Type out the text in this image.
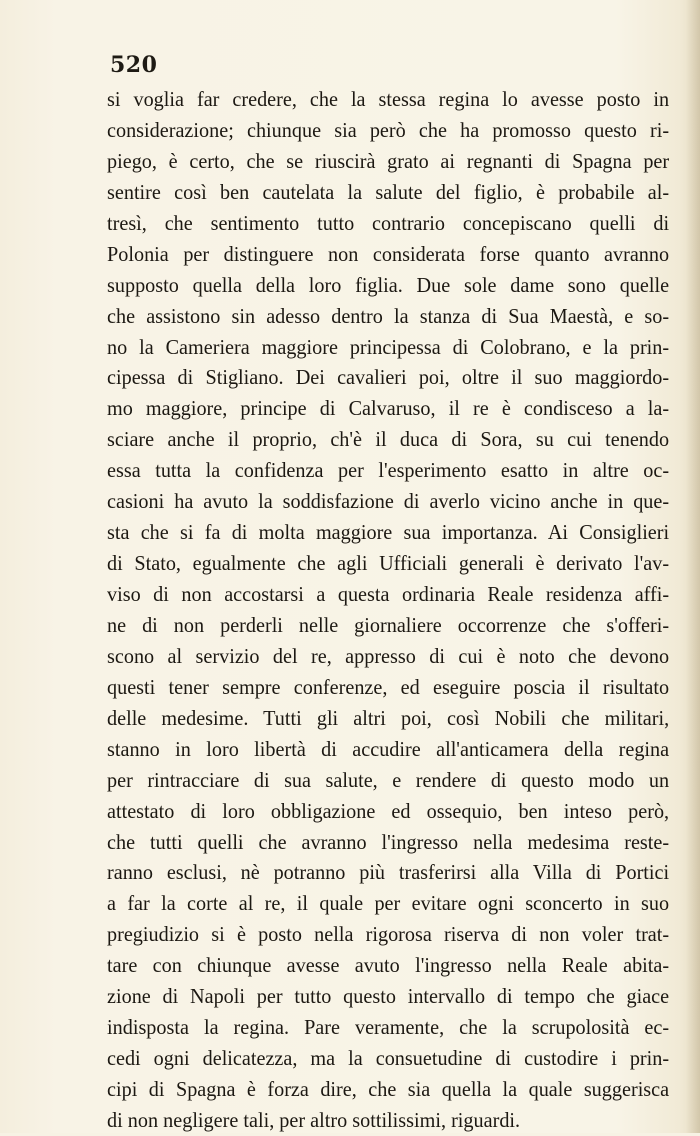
520
si voglia far credere, che la stessa regina lo avesse posto in
considerazione; chiunque sia però che ha promosso questo ri-
piego, è certo, che se riuscirà grato ai regnanti di Spagna per
sentire così ben cautelata la salute del figlio, è probabile al-
tresì, che sentimento tutto contrario concepiscano quelli di
Polonia per distinguere non considerata forse quanto avranno
supposto quella della loro figlia. Due sole dame sono quelle
che assistono sin adesso dentro la stanza di Sua Maestà, e so-
no la Cameriera maggiore principessa di Colobrano, e la prin-
cipessa di Stigliano. Dei cavalieri poi, oltre il suo maggiordo-
mo maggiore, principe di Calvaruso, il re è condisceso a la-
sciare anche il proprio, ch'è il duca di Sora, su cui tenendo
essa tutta la confidenza per l'esperimento esatto in altre oc-
casioni ha avuto la soddisfazione di averlo vicino anche in que-
sta che si fa di molta maggiore sua importanza. Ai Consiglieri
di Stato, egualmente che agli Ufficiali generali è derivato l'av-
viso di non accostarsi a questa ordinaria Reale residenza affi-
ne di non perderli nelle giornaliere occorrenze che s'offeri-
scono al servizio del re, appresso di cui è noto che devono
questi tener sempre conferenze, ed eseguire poscia il risultato
delle medesime. Tutti gli altri poi, così Nobili che militari,
stanno in loro libertà di accudire all'anticamera della regina
per rintracciare di sua salute, e rendere di questo modo un
attestato di loro obbligazione ed ossequio, ben inteso però,
che tutti quelli che avranno l'ingresso nella medesima reste-
ranno esclusi, nè potranno più trasferirsi alla Villa di Portici
a far la corte al re, il quale per evitare ogni sconcerto in suo
pregiudizio si è posto nella rigorosa riserva di non voler trat-
tare con chiunque avesse avuto l'ingresso nella Reale abita-
zione di Napoli per tutto questo intervallo di tempo che giace
indisposta la regina. Pare veramente, che la scrupolosità ec-
cedi ogni delicatezza, ma la consuetudine di custodire i prin-
cipi di Spagna è forza dire, che sia quella la quale suggerisca
di non negligere tali, per altro sottilissimi, riguardi.
